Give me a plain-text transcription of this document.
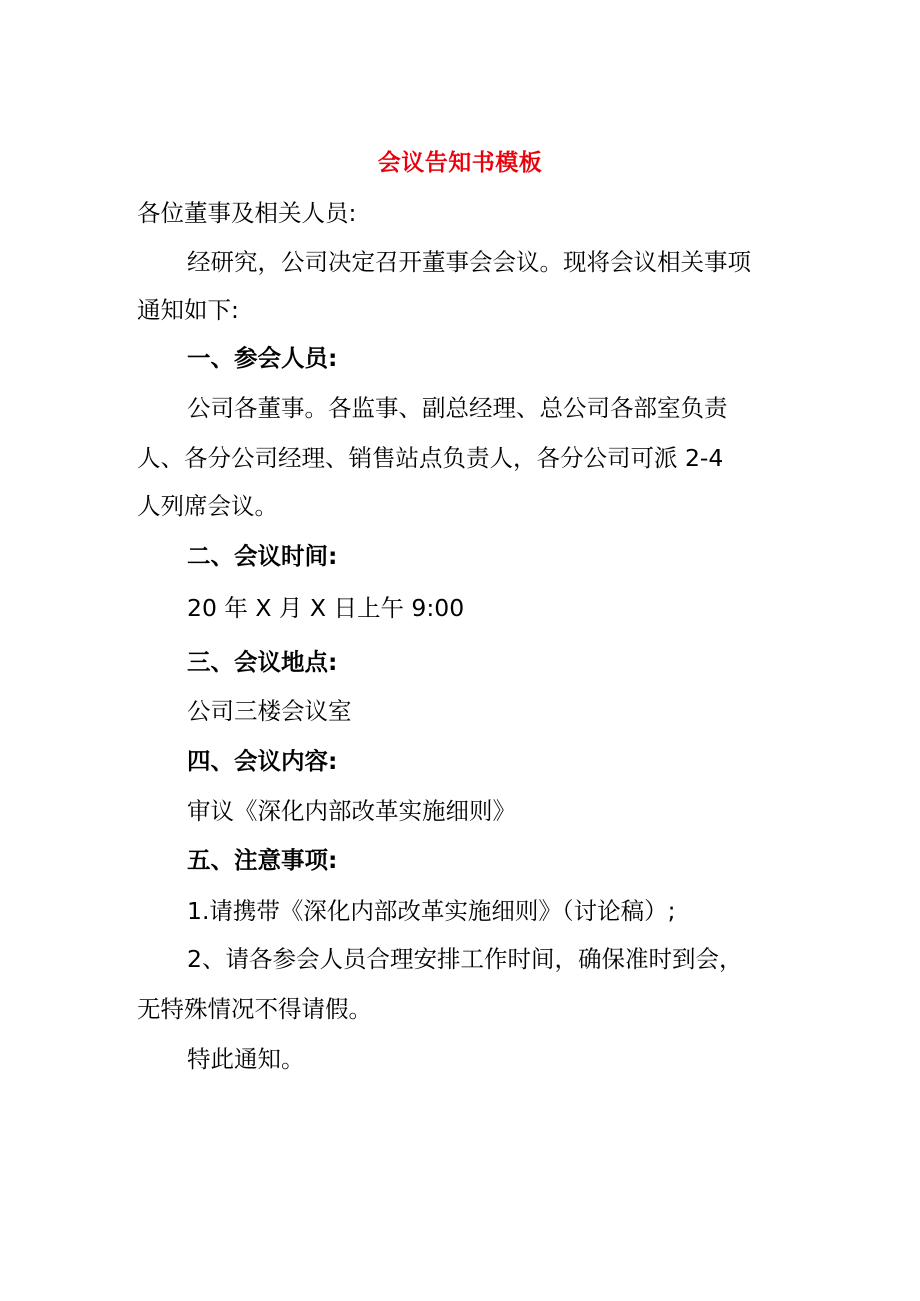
会议告知书模板
各位董事及相关人员:
经研究，公司决定召开董事会会议。现将会议相关事项
通知如下:
一、参会人员:
公司各董事。各监事、副总经理、总公司各部室负责
人、各分公司经理、销售站点负责人，各分公司可派 2-4
人列席会议。
二、会议时间:
20 年 X 月 X 日上午 9:00
三、会议地点:
公司三楼会议室
四、会议内容:
审议《深化内部改革实施细则》
五、注意事项:
1.请携带《深化内部改革实施细则》（讨论稿）;
2、请各参会人员合理安排工作时间，确保准时到会，
无特殊情况不得请假。
特此通知。
